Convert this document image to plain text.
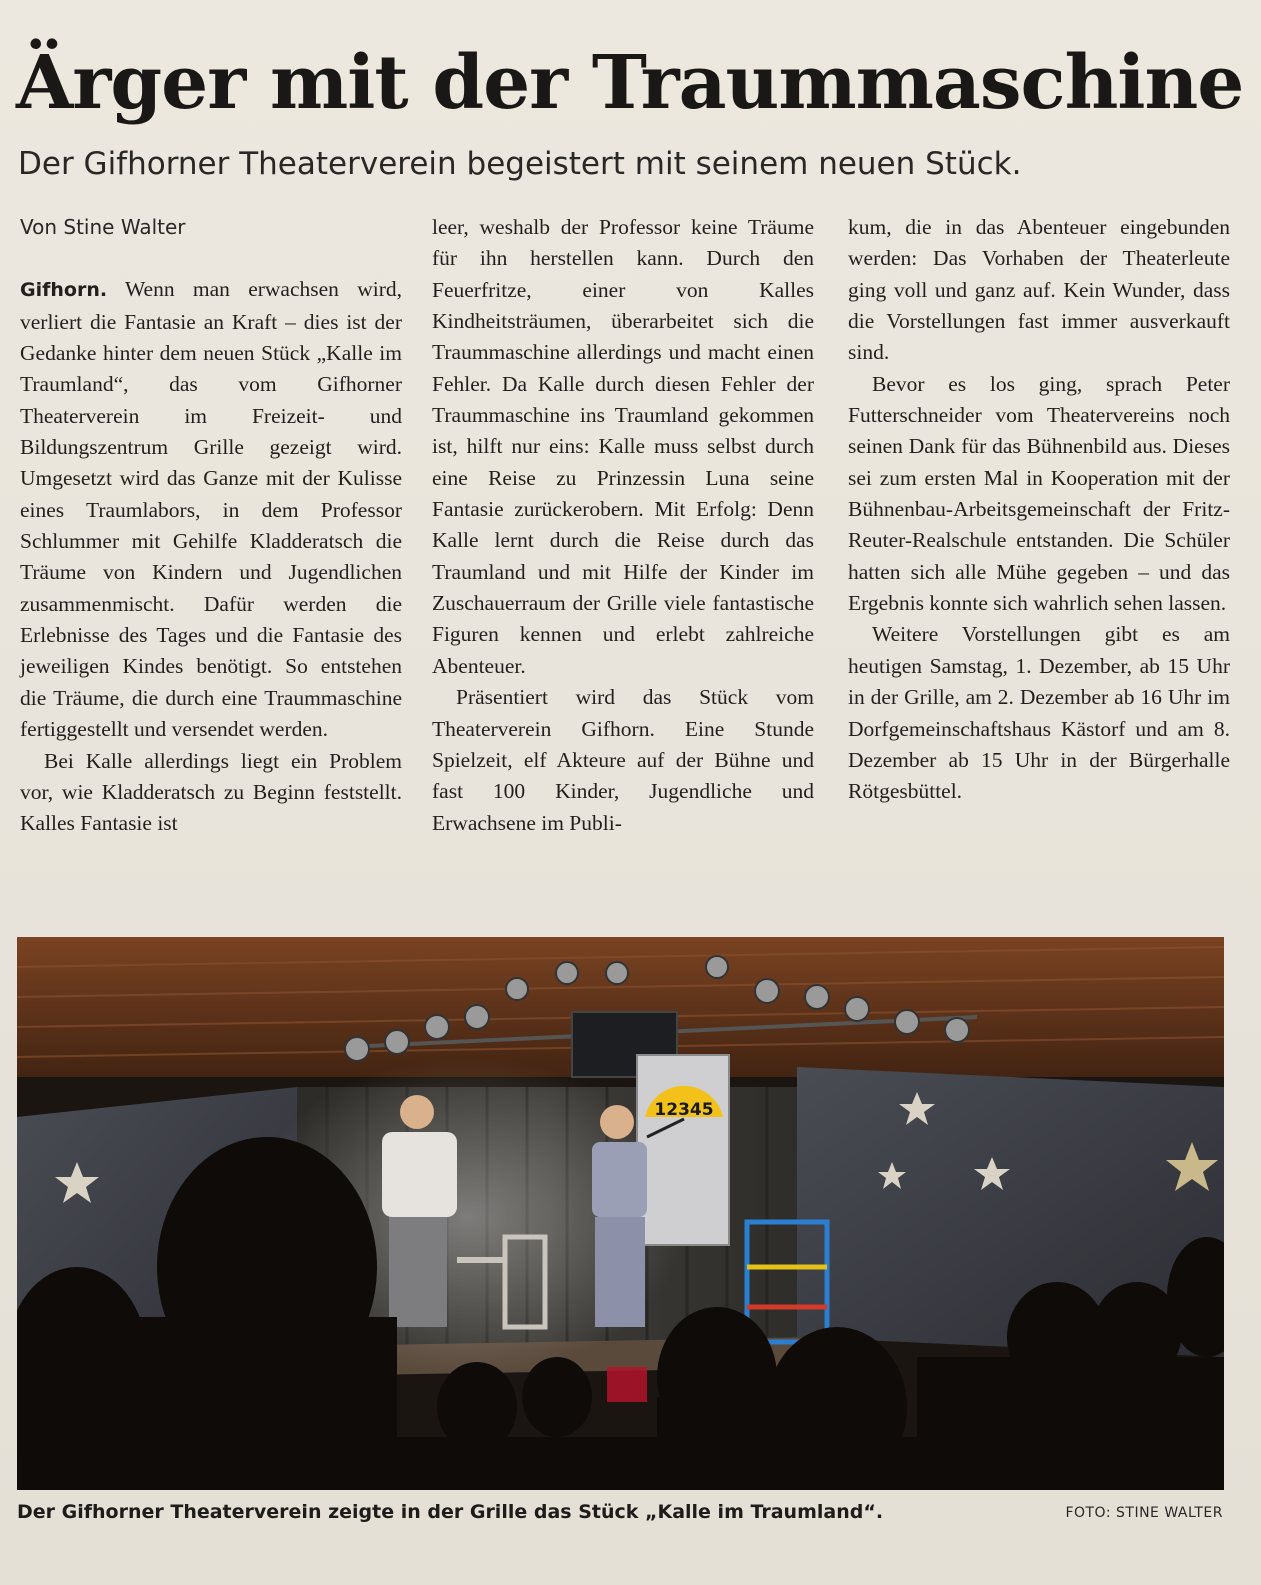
Ärger mit der Traummaschine
Der Gifhorner Theaterverein begeistert mit seinem neuen Stück.
Von Stine Walter

Gifhorn. Wenn man erwachsen wird, verliert die Fantasie an Kraft – dies ist der Gedanke hinter dem neuen Stück „Kalle im Traumland“, das vom Gifhorner Theaterverein im Freizeit- und Bildungszentrum Grille gezeigt wird. Umgesetzt wird das Ganze mit der Kulisse eines Traumlabors, in dem Professor Schlummer mit Gehilfe Kladderatsch die Träume von Kindern und Jugendlichen zusammenmischt. Dafür werden die Erlebnisse des Tages und die Fantasie des jeweiligen Kindes benötigt. So entstehen die Träume, die durch eine Traummaschine fertiggestellt und versendet werden.

Bei Kalle allerdings liegt ein Problem vor, wie Kladderatsch zu Beginn feststellt. Kalles Fantasie ist

leer, weshalb der Professor keine Träume für ihn herstellen kann. Durch den Feuerfritze, einer von Kalles Kindheitsträumen, überarbeitet sich die Traummaschine allerdings und macht einen Fehler. Da Kalle durch diesen Fehler der Traummaschine ins Traumland gekommen ist, hilft nur eins: Kalle muss selbst durch eine Reise zu Prinzessin Luna seine Fantasie zurückerobern. Mit Erfolg: Denn Kalle lernt durch die Reise durch das Traumland und mit Hilfe der Kinder im Zuschauerraum der Grille viele fantastische Figuren kennen und erlebt zahlreiche Abenteuer.

Präsentiert wird das Stück vom Theaterverein Gifhorn. Eine Stunde Spielzeit, elf Akteure auf der Bühne und fast 100 Kinder, Jugendliche und Erwachsene im Publi-

kum, die in das Abenteuer eingebunden werden: Das Vorhaben der Theaterleute ging voll und ganz auf. Kein Wunder, dass die Vorstellungen fast immer ausverkauft sind.

Bevor es los ging, sprach Peter Futterschneider vom Theatervereins noch seinen Dank für das Bühnenbild aus. Dieses sei zum ersten Mal in Kooperation mit der Bühnenbau-Arbeitsgemeinschaft der Fritz-Reuter-Realschule entstanden. Die Schüler hatten sich alle Mühe gegeben – und das Ergebnis konnte sich wahrlich sehen lassen.

Weitere Vorstellungen gibt es am heutigen Samstag, 1. Dezember, ab 15 Uhr in der Grille, am 2. Dezember ab 16 Uhr im Dorfgemeinschaftshaus Kästorf und am 8. Dezember ab 15 Uhr in der Bürgerhalle Rötgesbüttel.

12345
Der Gifhorner Theaterverein zeigte in der Grille das Stück „Kalle im Traumland“.	FOTO: STINE WALTER
